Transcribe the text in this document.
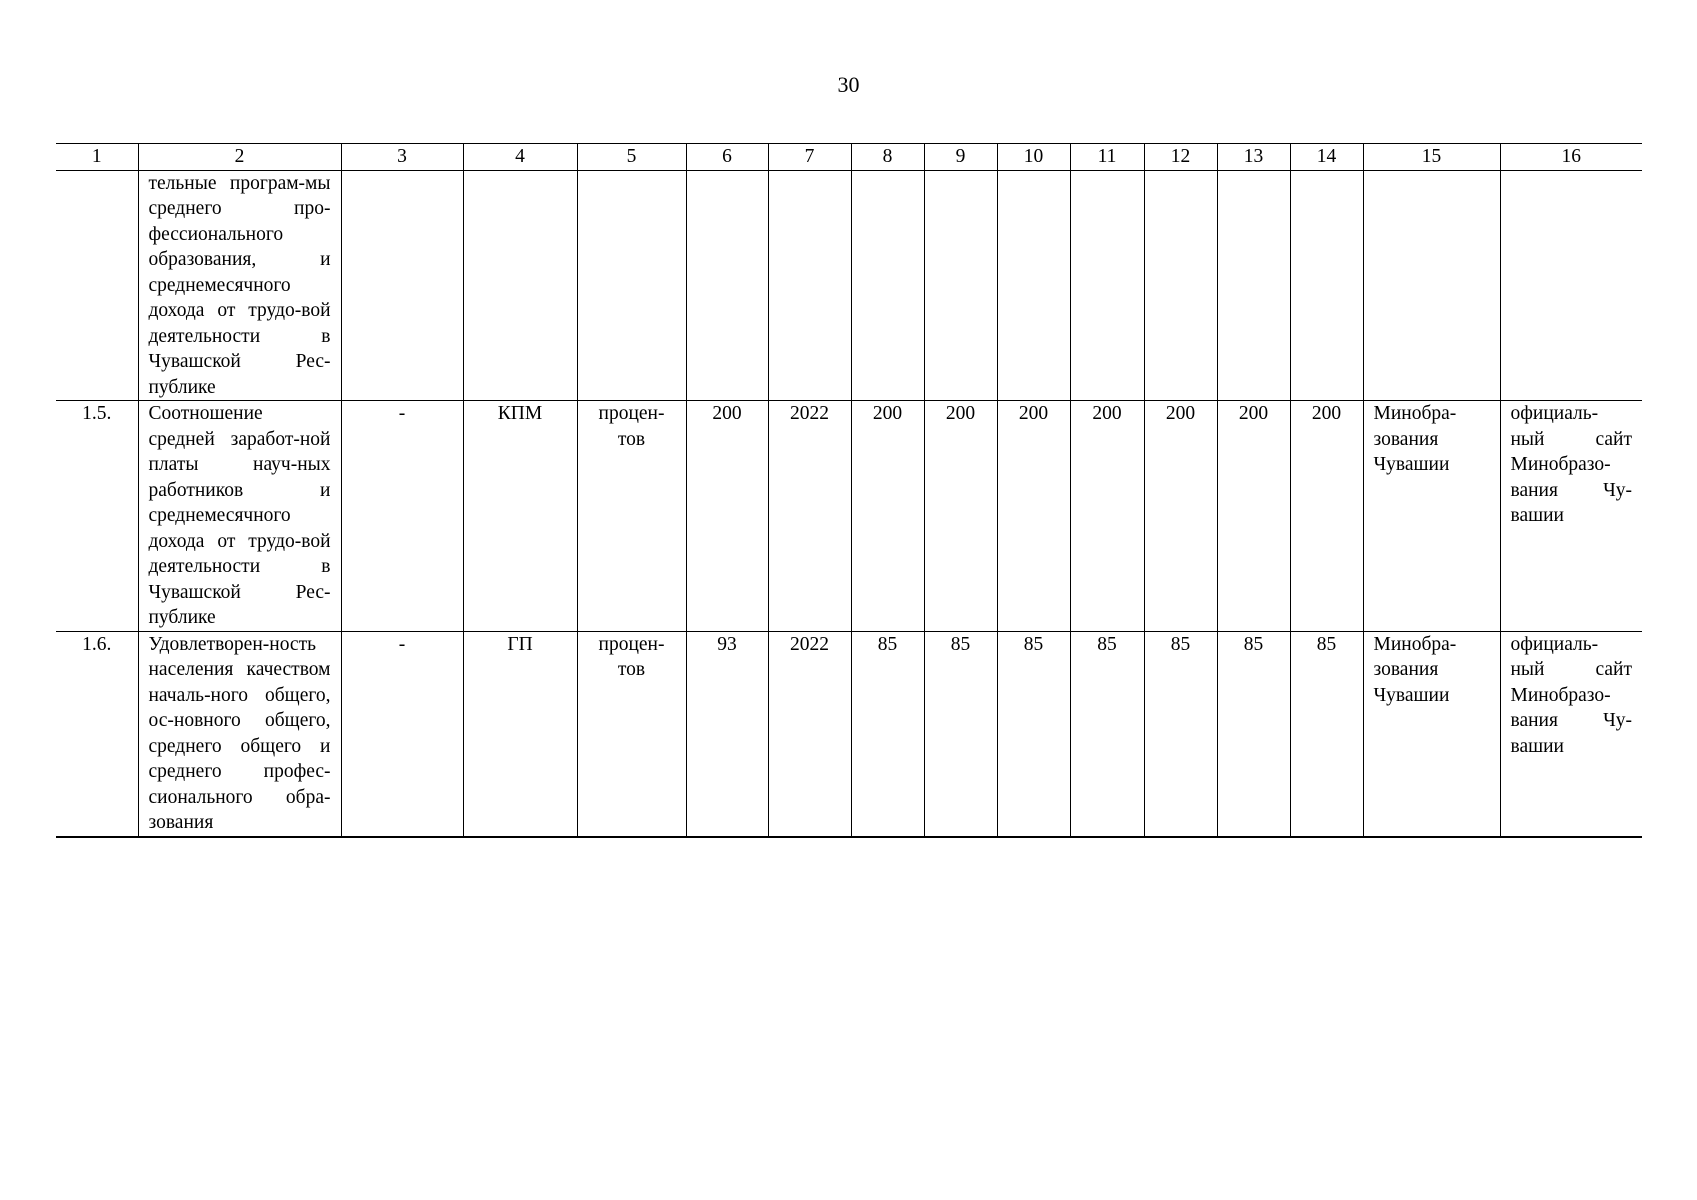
30
1	2	3	4	5	6	7	8	9	10	11	12	13	14	15	16
	тельные програм-мы среднего про-фессионального образования, и среднемесячного дохода от трудо-вой деятельности в Чувашской Рес-публике														
1.5.	Соотношение средней заработ-ной платы науч-ных работников и среднемесячного дохода от трудо-вой деятельности в Чувашской Рес-публике	-	КПМ	процен-тов	200	2022	200	200	200	200	200	200	200	Минобра-зования Чувашии	официаль-ный сайт Минобразо-вания Чу-вашии
1.6.	Удовлетворен-ность населения качеством началь-ного общего, ос-новного общего, среднего общего и среднего профес-сионального обра-зования	-	ГП	процен-тов	93	2022	85	85	85	85	85	85	85	Минобра-зования Чувашии	официаль-ный сайт Минобразо-вания Чу-вашии
